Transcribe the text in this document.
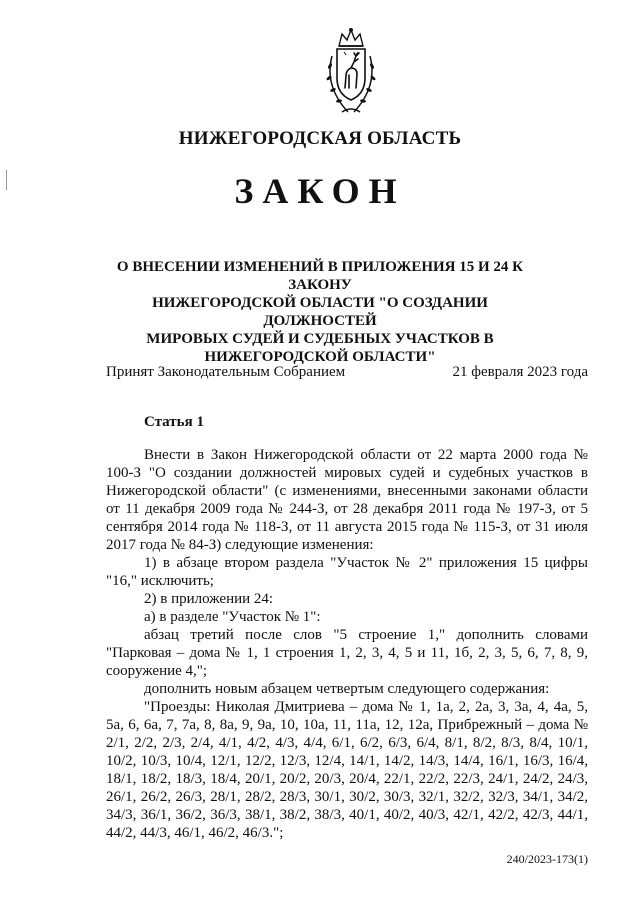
НИЖЕГОРОДСКАЯ ОБЛАСТЬ
ЗАКОН
О ВНЕСЕНИИ ИЗМЕНЕНИЙ В ПРИЛОЖЕНИЯ 15 И 24 К ЗАКОНУ
НИЖЕГОРОДСКОЙ ОБЛАСТИ "О СОЗДАНИИ ДОЛЖНОСТЕЙ
МИРОВЫХ СУДЕЙ И СУДЕБНЫХ УЧАСТКОВ В
НИЖЕГОРОДСКОЙ ОБЛАСТИ"
Принят Законодательным Собранием	21 февраля 2023 года
Статья 1

Внести в Закон Нижегородской области от 22 марта 2000 года № 100-З "О создании должностей мировых судей и судебных участков в Нижегородской области" (с изменениями, внесенными законами области от 11 декабря 2009 года № 244-З, от 28 декабря 2011 года № 197-З, от 5 сентября 2014 года № 118-З, от 11 августа 2015 года № 115-З, от 31 июля 2017 года № 84-З) следующие изменения:

1) в абзаце втором раздела "Участок № 2" приложения 15 цифры "16," исключить;

2) в приложении 24:

а) в разделе "Участок № 1":

абзац третий после слов "5 строение 1," дополнить словами "Парковая – дома № 1, 1 строения 1, 2, 3, 4, 5 и 11, 1б, 2, 3, 5, 6, 7, 8, 9, сооружение 4,";

дополнить новым абзацем четвертым следующего содержания:

"Проезды: Николая Дмитриева – дома № 1, 1а, 2, 2а, 3, 3а, 4, 4а, 5, 5а, 6, 6а, 7, 7а, 8, 8а, 9, 9а, 10, 10а, 11, 11а, 12, 12а, Прибрежный – дома № 2/1, 2/2, 2/3, 2/4, 4/1, 4/2, 4/3, 4/4, 6/1, 6/2, 6/3, 6/4, 8/1, 8/2, 8/3, 8/4, 10/1, 10/2, 10/3, 10/4, 12/1, 12/2, 12/3, 12/4, 14/1, 14/2, 14/3, 14/4, 16/1, 16/3, 16/4, 18/1, 18/2, 18/3, 18/4, 20/1, 20/2, 20/3, 20/4, 22/1, 22/2, 22/3, 24/1, 24/2, 24/3, 26/1, 26/2, 26/3, 28/1, 28/2, 28/3, 30/1, 30/2, 30/3, 32/1, 32/2, 32/3, 34/1, 34/2, 34/3, 36/1, 36/2, 36/3, 38/1, 38/2, 38/3, 40/1, 40/2, 40/3, 42/1, 42/2, 42/3, 44/1, 44/2, 44/3, 46/1, 46/2, 46/3.";

240/2023-173(1)
